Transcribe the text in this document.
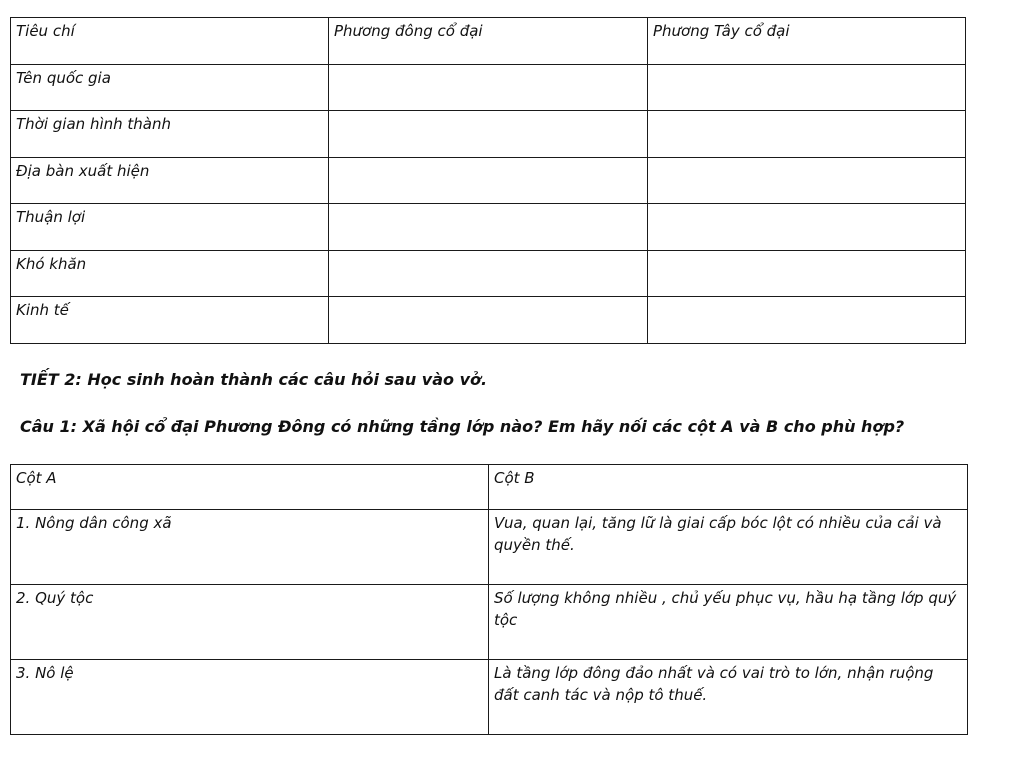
Tiêu chí	Phương đông cổ đại	Phương Tây cổ đại
Tên quốc gia		
Thời gian hình thành		
Địa bàn xuất hiện		
Thuận lợi		
Khó khăn		
Kinh tế		
TIẾT 2: Học sinh hoàn thành các câu hỏi sau vào vở.
Câu 1: Xã hội cổ đại Phương Đông có những tầng lớp nào? Em hãy nối các cột A và B cho phù hợp?
Cột A	Cột B
1. Nông dân công xã	Vua, quan lại, tăng lữ là giai cấp bóc lột có nhiều của cải và quyền thế.
2. Quý tộc	Số lượng không nhiều , chủ yếu phục vụ, hầu hạ tầng lớp quý tộc
3. Nô lệ	Là tầng lớp đông đảo nhất và có vai trò to lớn, nhận ruộng đất canh tác và nộp tô thuế.
